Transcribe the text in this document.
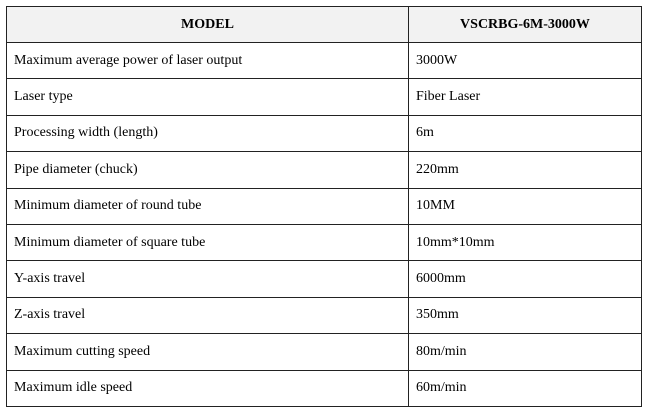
MODEL	VSCRBG-6M-3000W
Maximum average power of laser output	3000W
Laser type	Fiber Laser
Processing width (length)	6m
Pipe diameter (chuck)	220mm
Minimum diameter of round tube	10MM
Minimum diameter of square tube	10mm*10mm
Y-axis travel	6000mm
Z-axis travel	350mm
Maximum cutting speed	80m/min
Maximum idle speed	60m/min
